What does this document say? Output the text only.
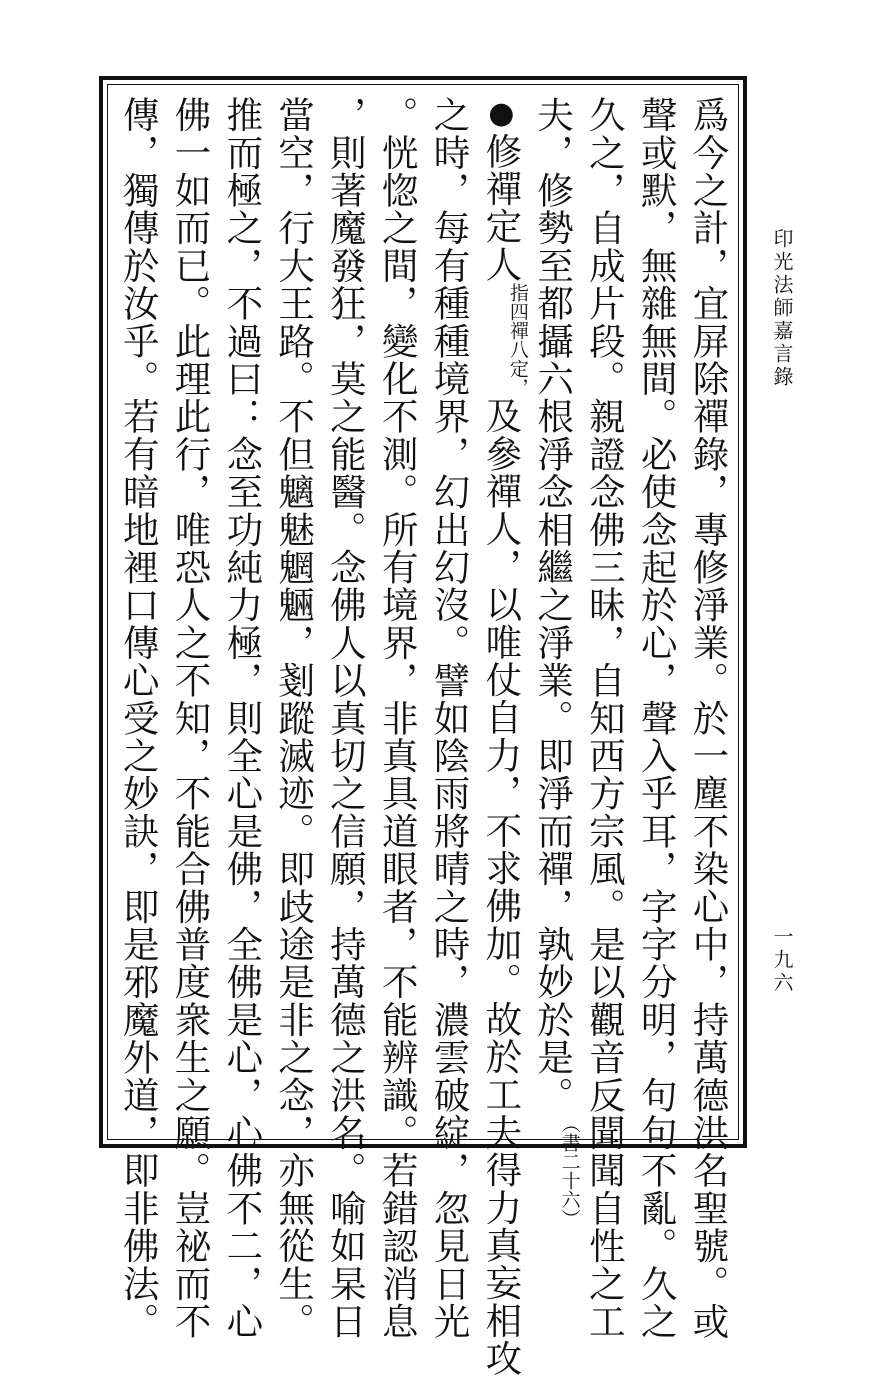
印光法師嘉言錄
一九六
爲今之計，宜屏除禪錄，專修淨業。於一塵不染心中，持萬德洪名聖號。或
聲或默，無雜無間。必使念起於心，聲入乎耳，字字分明，句句不亂。久之
久之，自成片段。親證念佛三昧，自知西方宗風。是以觀音反聞聞自性之工
夫，修勢至都攝六根淨念相繼之淨業。即淨而禪，孰妙於是。（書二十六）
●修禪定人指四禪八定，及參禪人，以唯仗自力，不求佛加。故於工夫得力真妄相攻
之時，每有種種境界，幻出幻沒。譬如陰雨將晴之時，濃雲破綻，忽見日光
。恍惚之間，變化不測。所有境界，非真具道眼者，不能辨識。若錯認消息
，則著魔發狂，莫之能醫。念佛人以真切之信願，持萬德之洪名。喻如杲日
當空，行大王路。不但魑魅魍魎，剗蹤滅迹。即歧途是非之念，亦無從生。
推而極之，不過曰：念至功純力極，則全心是佛，全佛是心，心佛不二，心
佛一如而已。此理此行，唯恐人之不知，不能合佛普度衆生之願。豈祕而不
傳，獨傳於汝乎。若有暗地裡口傳心受之妙訣，即是邪魔外道，即非佛法。
